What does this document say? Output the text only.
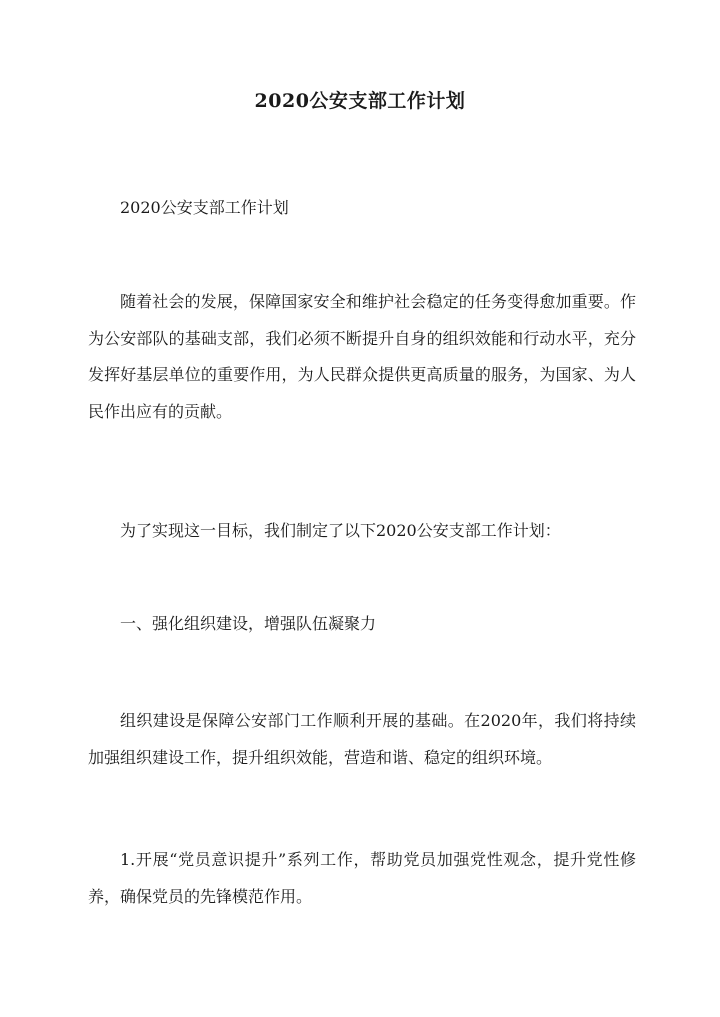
2020公安支部工作计划

2020公安支部工作计划

随着社会的发展，保障国家安全和维护社会稳定的任务变得愈加重要。作为公安部队的基础支部，我们必须不断提升自身的组织效能和行动水平，充分发挥好基层单位的重要作用，为人民群众提供更高质量的服务，为国家、为人民作出应有的贡献。

为了实现这一目标，我们制定了以下2020公安支部工作计划：

一、强化组织建设，增强队伍凝聚力

组织建设是保障公安部门工作顺利开展的基础。在2020年，我们将持续加强组织建设工作，提升组织效能，营造和谐、稳定的组织环境。

1.开展“党员意识提升”系列工作，帮助党员加强党性观念，提升党性修养，确保党员的先锋模范作用。
